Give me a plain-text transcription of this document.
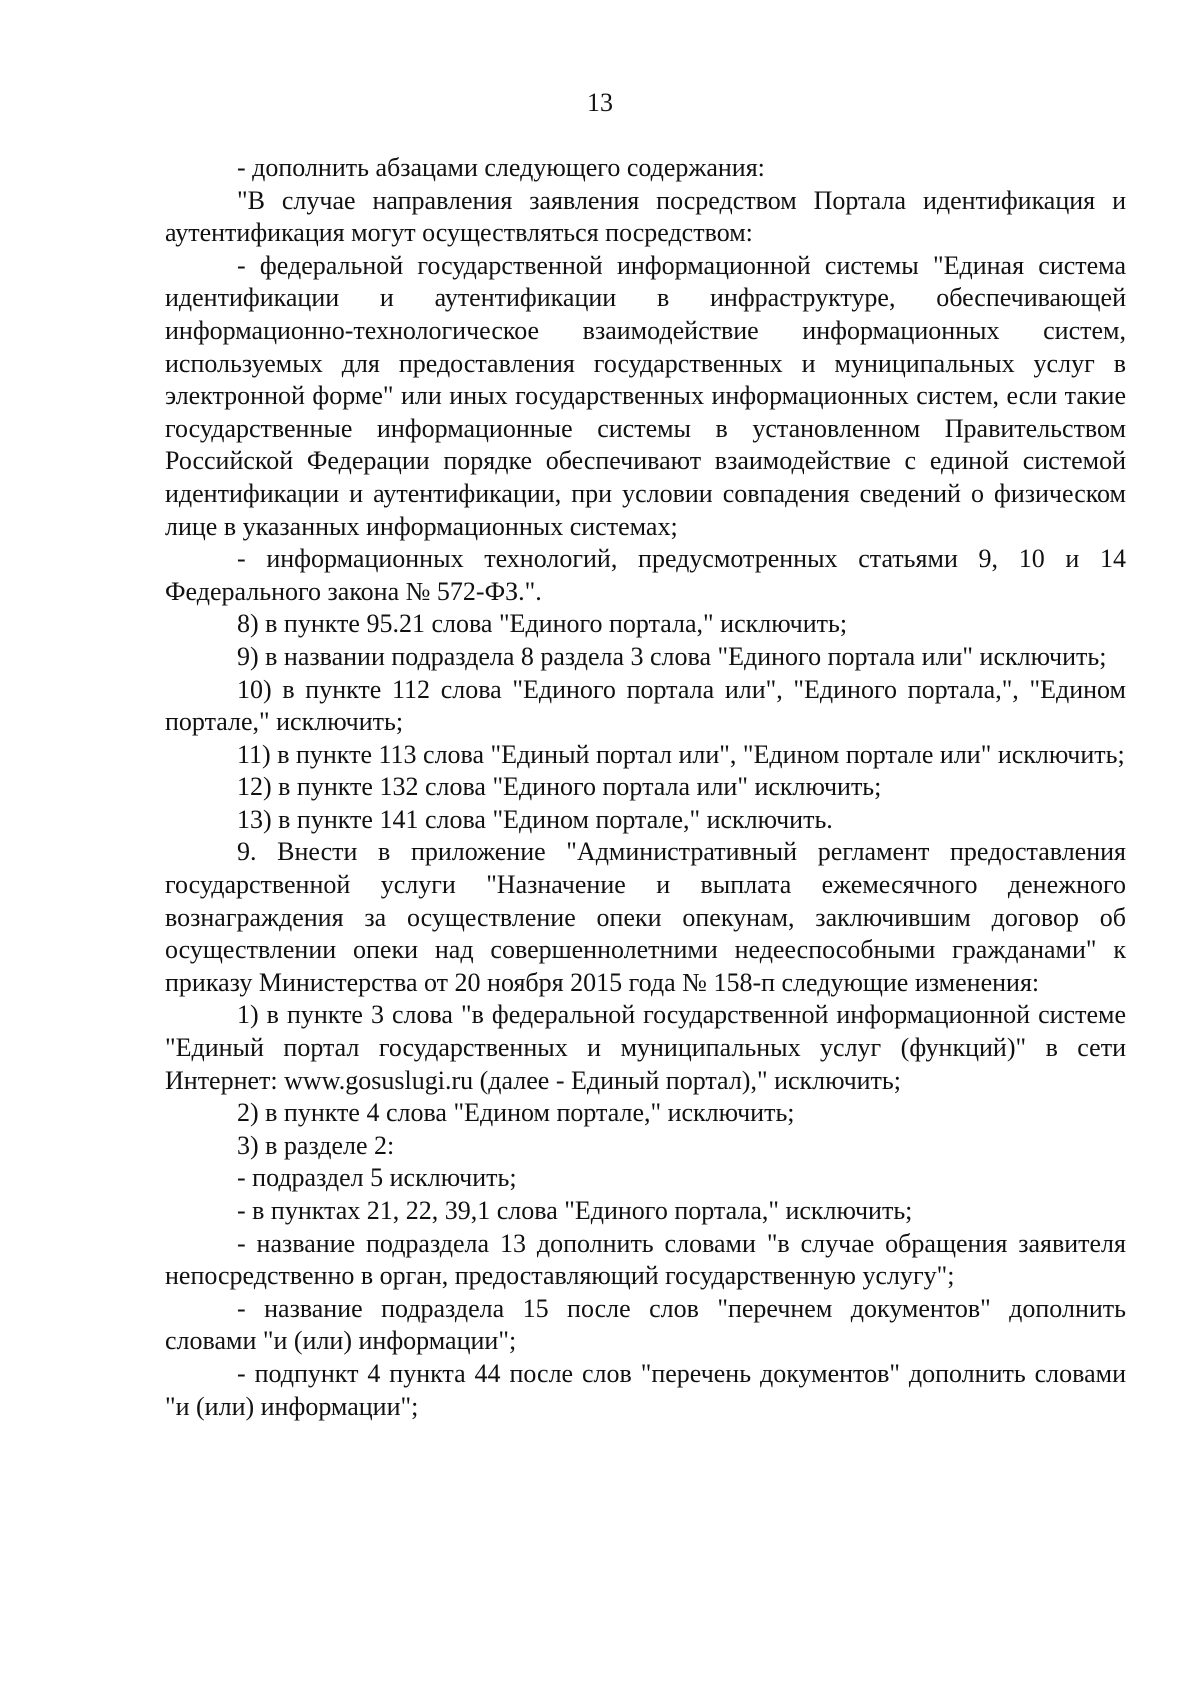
13

- дополнить абзацами следующего содержания:

"В случае направления заявления посредством Портала идентификация и аутентификация могут осуществляться посредством:

- федеральной государственной информационной системы "Единая система идентификации и аутентификации в инфраструктуре, обеспечивающей информационно-технологическое взаимодействие информационных систем, используемых для предоставления государственных и муниципальных услуг в электронной форме" или иных государственных информационных систем, если такие государственные информационные системы в установленном Правительством Российской Федерации порядке обеспечивают взаимодействие с единой системой идентификации и аутентификации, при условии совпадения сведений о физическом лице в указанных информационных системах;

- информационных технологий, предусмотренных статьями 9, 10 и 14 Федерального закона № 572-ФЗ.".

8) в пункте 95.21 слова "Единого портала," исключить;

9) в названии подраздела 8 раздела 3 слова "Единого портала или" исключить;

10) в пункте 112 слова "Единого портала или", "Единого портала,", "Едином портале," исключить;

11) в пункте 113 слова "Единый портал или", "Едином портале или" исключить;

12) в пункте 132 слова "Единого портала или" исключить;

13) в пункте 141 слова "Едином портале," исключить.

9. Внести в приложение "Административный регламент предоставления государственной услуги "Назначение и выплата ежемесячного денежного вознаграждения за осуществление опеки опекунам, заключившим договор об осуществлении опеки над совершеннолетними недееспособными гражданами" к приказу Министерства от 20 ноября 2015 года № 158-п следующие изменения:

1) в пункте 3 слова "в федеральной государственной информационной системе "Единый портал государственных и муниципальных услуг (функций)" в сети Интернет: www.gosuslugi.ru (далее - Единый портал)," исключить;

2) в пункте 4 слова "Едином портале," исключить;

3) в разделе 2:

- подраздел 5 исключить;

- в пунктах 21, 22, 39,1 слова "Единого портала," исключить;

- название подраздела 13 дополнить словами "в случае обращения заявителя непосредственно в орган, предоставляющий государственную услугу";

- название подраздела 15 после слов "перечнем документов" дополнить словами "и (или) информации";

- подпункт 4 пункта 44 после слов "перечень документов" дополнить словами "и (или) информации";
